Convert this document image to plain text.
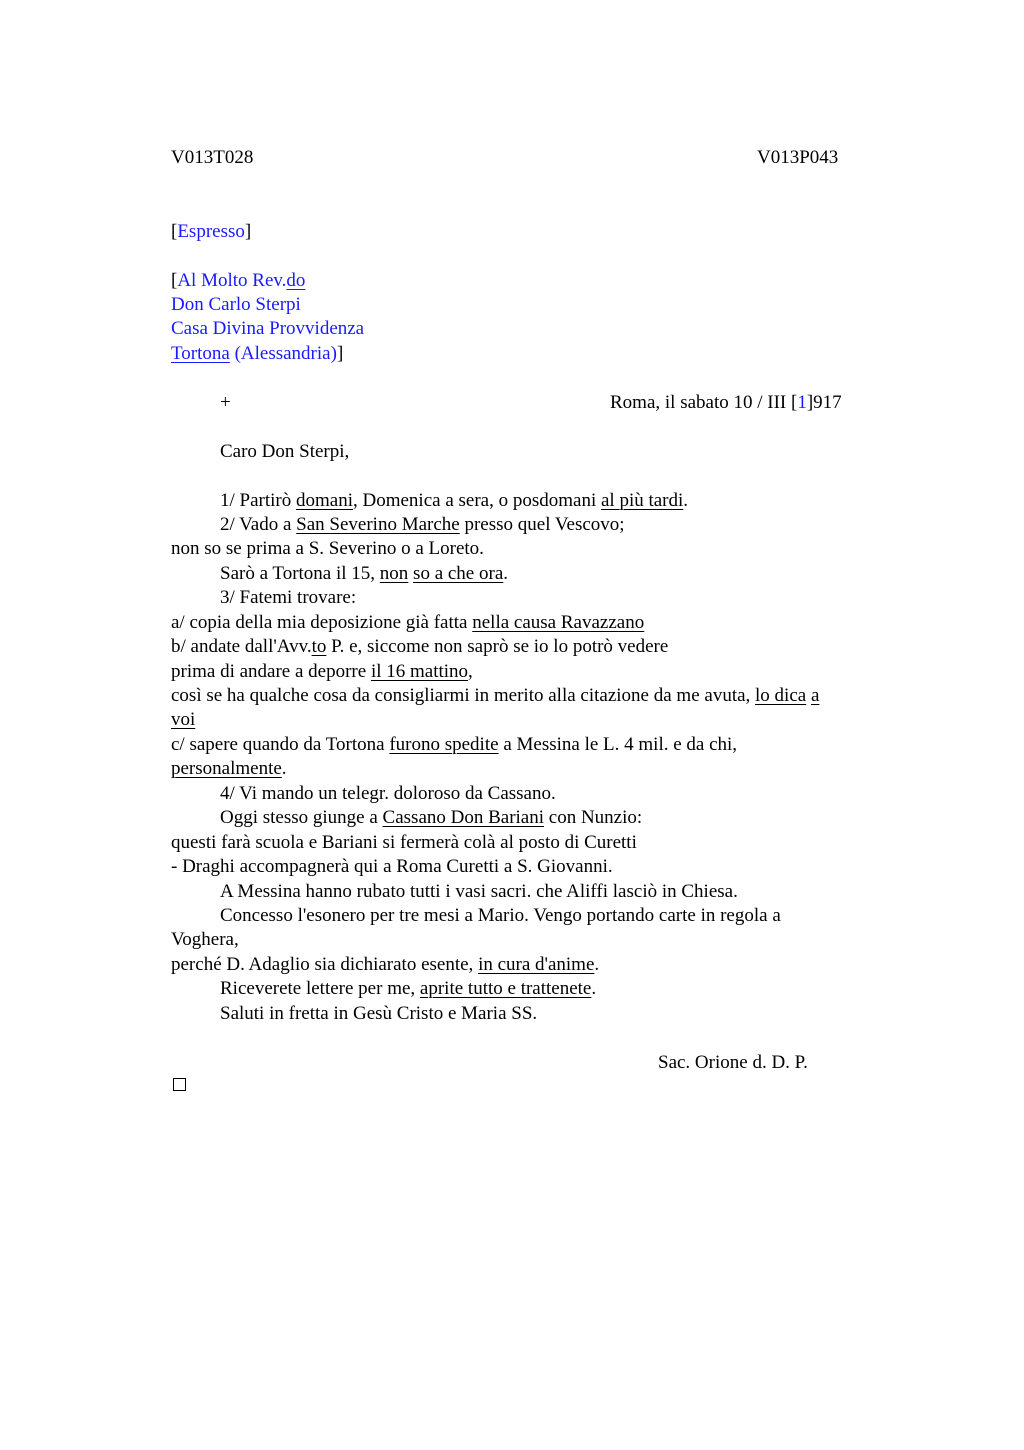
V013T028	V013P043
[Espresso]
[Al Molto Rev.do
Don Carlo Sterpi
Casa Divina Provvidenza
Tortona (Alessandria)]
+	Roma, il sabato 10 / III [1]917
Caro Don Sterpi,
1/ Partirò domani, Domenica a sera, o posdomani al più tardi.
2/ Vado a San Severino Marche presso quel Vescovo;
non so se prima a S. Severino o a Loreto.
Sarò a Tortona il 15, non so a che ora.
3/ Fatemi trovare:
a/ copia della mia deposizione già fatta nella causa Ravazzano
b/ andate dall'Avv.to P. e, siccome non saprò se io lo potrò vedere
prima di andare a deporre il 16 mattino,
così se ha qualche cosa da consigliarmi in merito alla citazione da me avuta, lo dica a
voi
c/ sapere quando da Tortona furono spedite a Messina le L. 4 mil. e da chi,
personalmente.
4/ Vi mando un telegr. doloroso da Cassano.
Oggi stesso giunge a Cassano Don Bariani con Nunzio:
questi farà scuola e Bariani si fermerà colà al posto di Curetti
- Draghi accompagnerà qui a Roma Curetti a S. Giovanni.
A Messina hanno rubato tutti i vasi sacri. che Aliffi lasciò in Chiesa.
Concesso l'esonero per tre mesi a Mario. Vengo portando carte in regola a
Voghera,
perché D. Adaglio sia dichiarato esente, in cura d'anime.
Riceverete lettere per me, aprite tutto e trattenete.
Saluti in fretta in Gesù Cristo e Maria SS.
Sac. Orione d. D. P.
